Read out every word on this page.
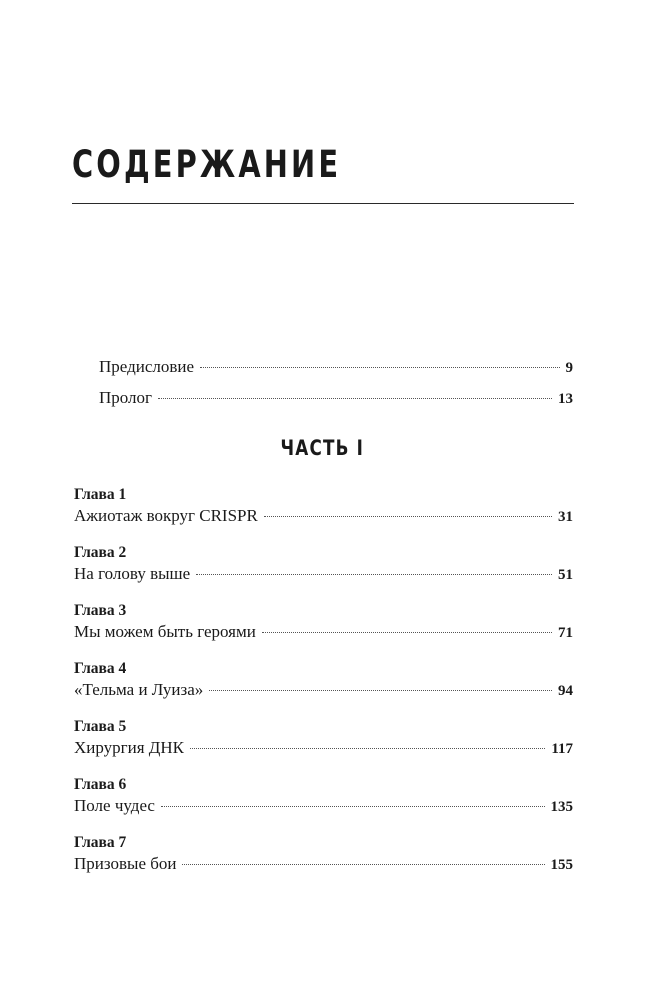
СОДЕРЖАНИЕ
Предисловие	9
Пролог	13
ЧАСТЬ I
Глава 1
Ажиотаж вокруг CRISPR	31
Глава 2
На голову выше	51
Глава 3
Мы можем быть героями	71
Глава 4
«Тельма и Луиза»	94
Глава 5
Хирургия ДНК	117
Глава 6
Поле чудес	135
Глава 7
Призовые бои	155
